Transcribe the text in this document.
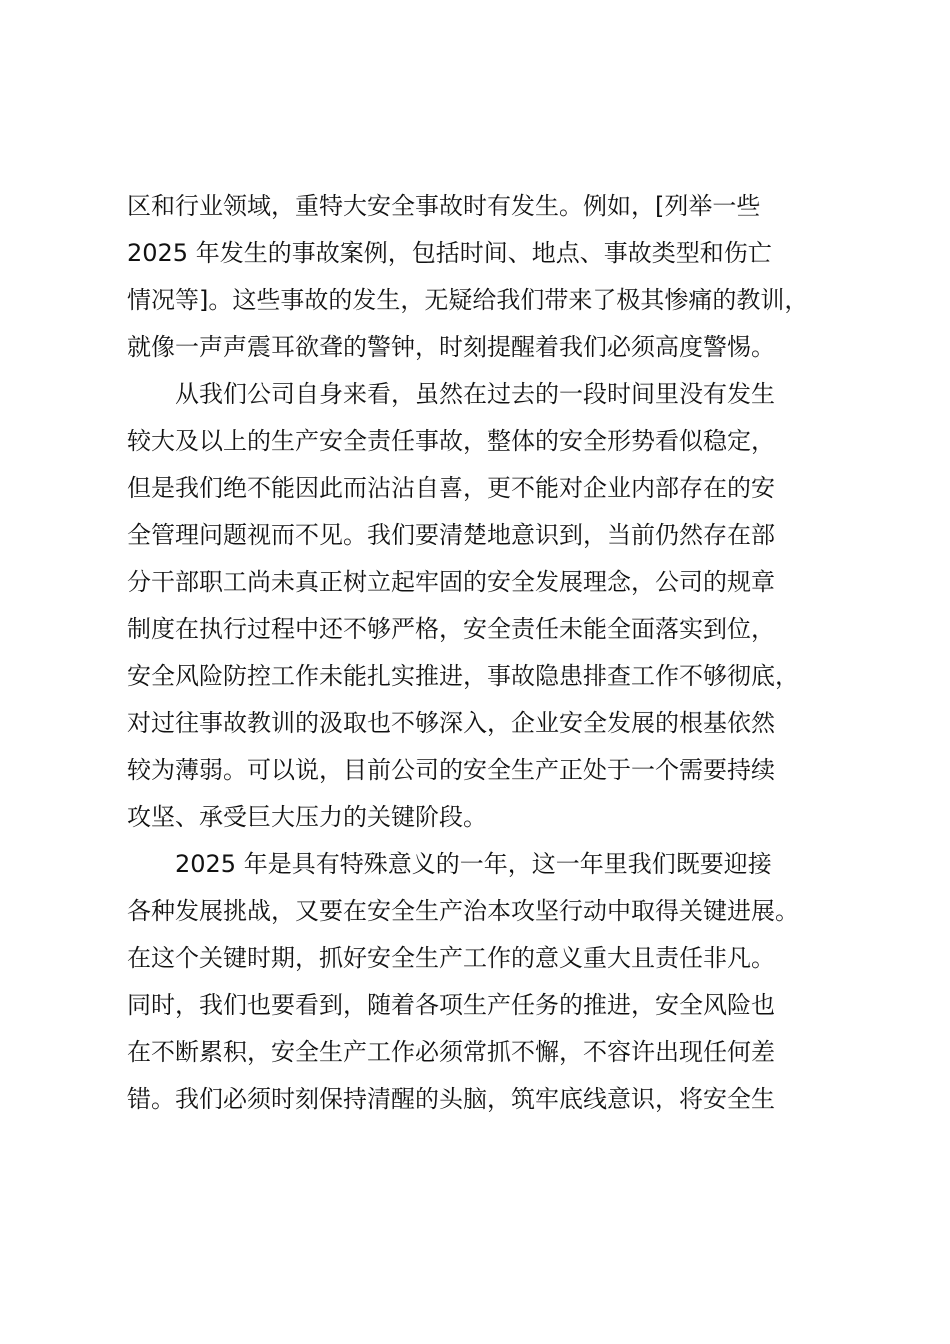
区和行业领域，重特大安全事故时有发生。例如，[列举一些
2025 年发生的事故案例，包括时间、地点、事故类型和伤亡
情况等]。这些事故的发生，无疑给我们带来了极其惨痛的教训，
就像一声声震耳欲聋的警钟，时刻提醒着我们必须高度警惕。
　　从我们公司自身来看，虽然在过去的一段时间里没有发生
较大及以上的生产安全责任事故，整体的安全形势看似稳定，
但是我们绝不能因此而沾沾自喜，更不能对企业内部存在的安
全管理问题视而不见。我们要清楚地意识到，当前仍然存在部
分干部职工尚未真正树立起牢固的安全发展理念，公司的规章
制度在执行过程中还不够严格，安全责任未能全面落实到位，
安全风险防控工作未能扎实推进，事故隐患排查工作不够彻底，
对过往事故教训的汲取也不够深入，企业安全发展的根基依然
较为薄弱。可以说，目前公司的安全生产正处于一个需要持续
攻坚、承受巨大压力的关键阶段。
　　2025 年是具有特殊意义的一年，这一年里我们既要迎接
各种发展挑战，又要在安全生产治本攻坚行动中取得关键进展。
在这个关键时期，抓好安全生产工作的意义重大且责任非凡。
同时，我们也要看到，随着各项生产任务的推进，安全风险也
在不断累积，安全生产工作必须常抓不懈，不容许出现任何差
错。我们必须时刻保持清醒的头脑，筑牢底线意识，将安全生
